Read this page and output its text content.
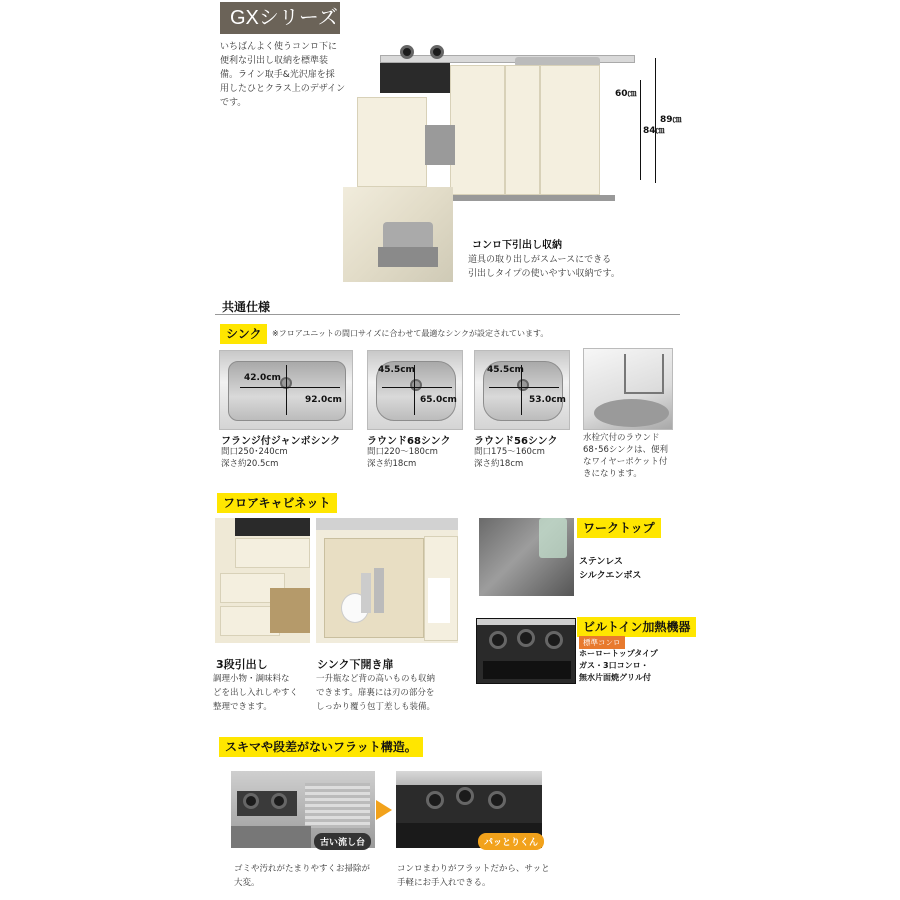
GXシリーズ
いちばんよく使うコンロ下に
便利な引出し収納を標準装
備。ライン取手&光沢扉を採
用したひとクラス上のデザイン
です。
60㎝
89㎝
84㎝
コンロ下引出し収納
道具の取り出しがスムースにできる
引出しタイプの使いやすい収納です。
共通仕様
シンク	※フロアユニットの間口サイズに合わせて最適なシンクが設定されています。
42.0cm
92.0cm
45.5cm
65.0cm
45.5cm
53.0cm
フランジ付ジャンボシンク
間口250･240cm
深さ約20.5cm
ラウンド68シンク
間口220〜180cm
深さ約18cm
ラウンド56シンク
間口175〜160cm
深さ約18cm
水栓穴付のラウンド
68･56シンクは、便利
なワイヤーポケット付
きになります。
フロアキャビネット
3段引出し
調理小物・調味料な
どを出し入れしやすく
整理できます。
シンク下開き扉
一升瓶など背の高いものも収納
できます。扉裏には刃の部分を
しっかり覆う包丁差しも装備。
ワークトップ
ステンレス
シルクエンボス
ビルトイン加熱機器
標準コンロ
ホーロートップタイプ
ガス・3口コンロ・
無水片面焼グリル付
スキマや段差がないフラット構造。
古い流し台	パッとりくん
ゴミや汚れがたまりやすくお掃除が
大変。
コンロまわりがフラットだから、サッと
手軽にお手入れできる。
